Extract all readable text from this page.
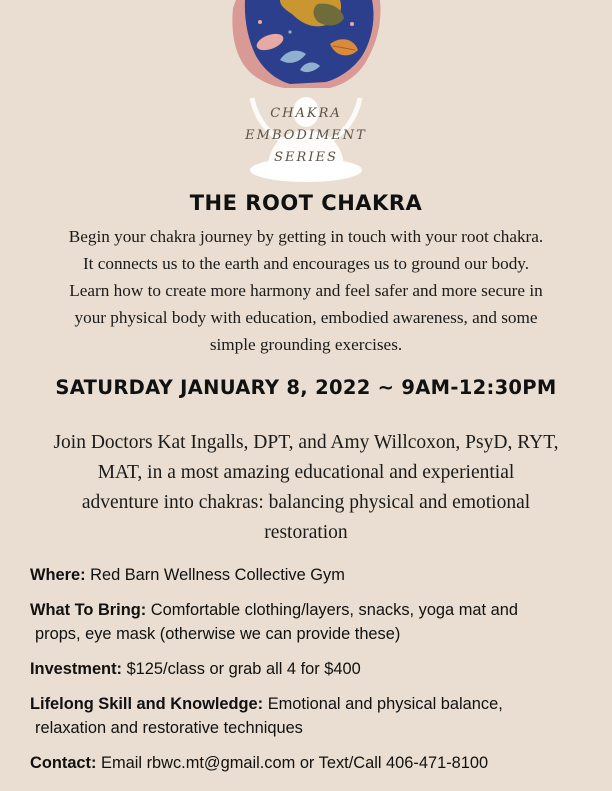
CHAKRA
EMBODIMENT
SERIES
THE ROOT CHAKRA
Begin your chakra journey by getting in touch with your root chakra.
It connects us to the earth and encourages us to ground our body.
Learn how to create more harmony and feel safer and more secure in
your physical body with education, embodied awareness, and some
simple grounding exercises.
SATURDAY JANUARY 8, 2022 ~ 9AM-12:30PM
Join Doctors Kat Ingalls, DPT, and Amy Willcoxon, PsyD, RYT,
MAT, in a most amazing educational and experiential
adventure into chakras: balancing physical and emotional
restoration
Where: Red Barn Wellness Collective Gym
What To Bring: Comfortable clothing/layers, snacks, yoga mat and
props, eye mask (otherwise we can provide these)
Investment: $125/class or grab all 4 for $400
Lifelong Skill and Knowledge: Emotional and physical balance,
relaxation and restorative techniques
Contact: Email rbwc.mt@gmail.com or Text/Call 406-471-8100
